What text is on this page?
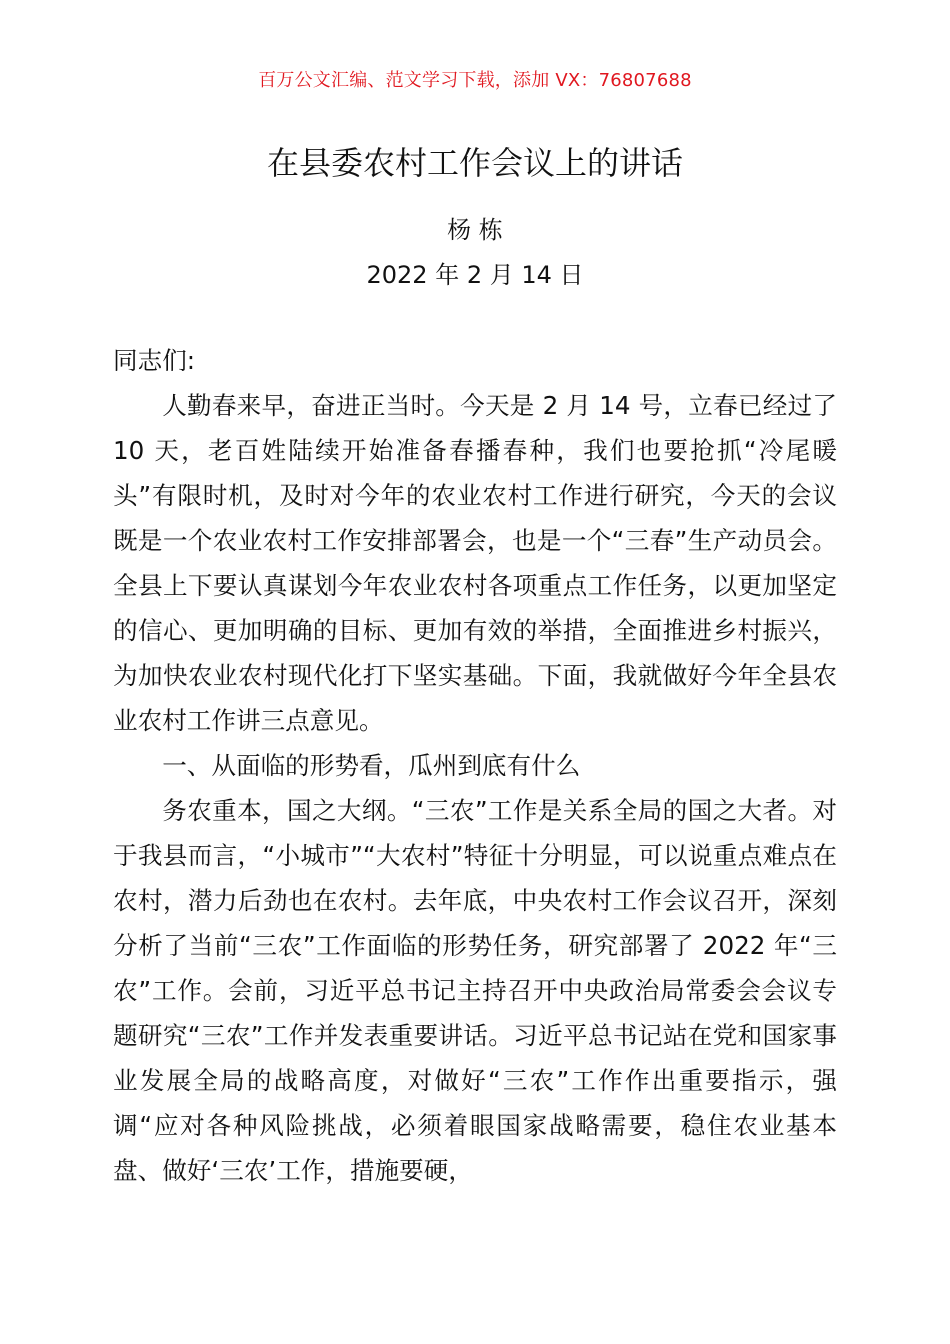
百万公文汇编、范文学习下载，添加 VX：76807688
在县委农村工作会议上的讲话
杨 栋
2022 年 2 月 14 日

同志们:

人勤春来早，奋进正当时。今天是 2 月 14 号，立春已经过了 10 天，老百姓陆续开始准备春播春种，我们也要抢抓“冷尾暖头”有限时机，及时对今年的农业农村工作进行研究，今天的会议既是一个农业农村工作安排部署会，也是一个“三春”生产动员会。全县上下要认真谋划今年农业农村各项重点工作任务，以更加坚定的信心、更加明确的目标、更加有效的举措，全面推进乡村振兴，为加快农业农村现代化打下坚实基础。下面，我就做好今年全县农业农村工作讲三点意见。

一、从面临的形势看，瓜州到底有什么

务农重本，国之大纲。“三农”工作是关系全局的国之大者。对于我县而言，“小城市”“大农村”特征十分明显，可以说重点难点在农村，潜力后劲也在农村。去年底，中央农村工作会议召开，深刻分析了当前“三农”工作面临的形势任务，研究部署了 2022 年“三农”工作。会前，习近平总书记主持召开中央政治局常委会会议专题研究“三农”工作并发表重要讲话。习近平总书记站在党和国家事业发展全局的战略高度，对做好“三农”工作作出重要指示，强调“应对各种风险挑战，必须着眼国家战略需要，稳住农业基本盘、做好‘三农’工作，措施要硬，
